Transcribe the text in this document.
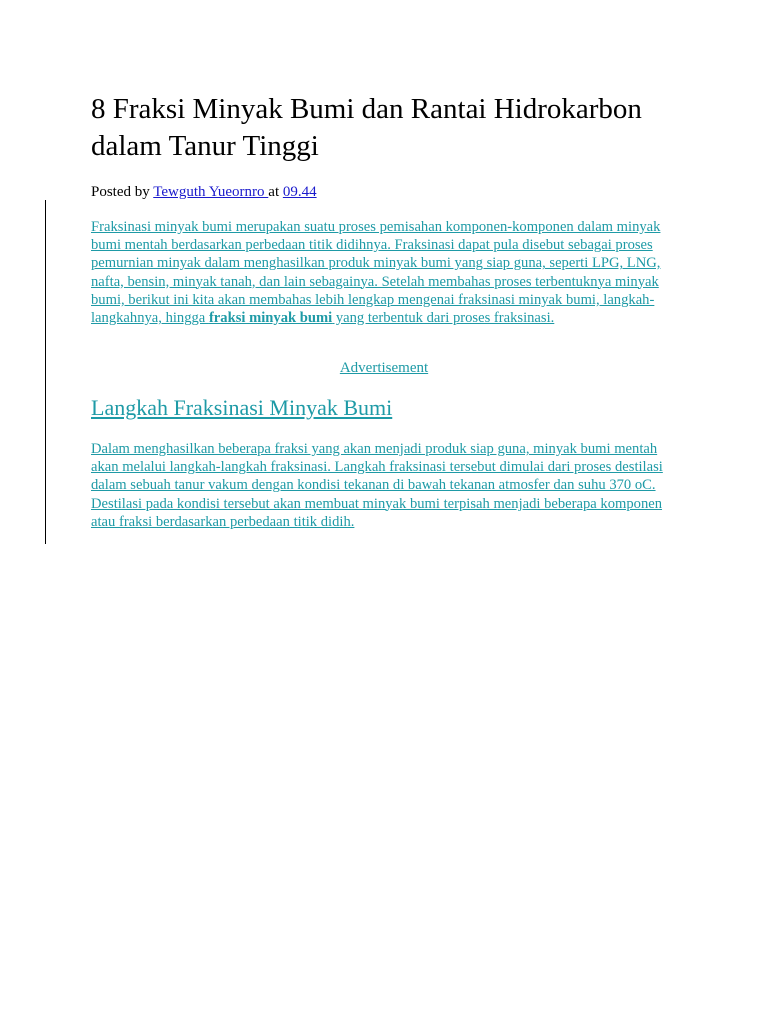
8 Fraksi Minyak Bumi dan Rantai Hidrokarbon dalam Tanur Tinggi
Posted by Tewguth Yueornro at 09.44
Fraksinasi minyak bumi merupakan suatu proses pemisahan komponen-komponen dalam minyak bumi mentah berdasarkan perbedaan titik didihnya. Fraksinasi dapat pula disebut sebagai proses pemurnian minyak dalam menghasilkan produk minyak bumi yang siap guna, seperti LPG, LNG, nafta, bensin, minyak tanah, dan lain sebagainya. Setelah membahas proses terbentuknya minyak bumi, berikut ini kita akan membahas lebih lengkap mengenai fraksinasi minyak bumi, langkah-langkahnya, hingga fraksi minyak bumi yang terbentuk dari proses fraksinasi.
Advertisement
Langkah Fraksinasi Minyak Bumi
Dalam menghasilkan beberapa fraksi yang akan menjadi produk siap guna, minyak bumi mentah akan melalui langkah-langkah fraksinasi. Langkah fraksinasi tersebut dimulai dari proses destilasi dalam sebuah tanur vakum dengan kondisi tekanan di bawah tekanan atmosfer dan suhu 370 oC. Destilasi pada kondisi tersebut akan membuat minyak bumi terpisah menjadi beberapa komponen atau fraksi berdasarkan perbedaan titik didih.
